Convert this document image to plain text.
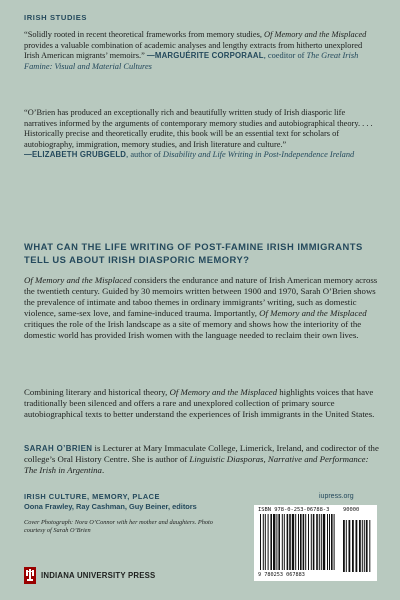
IRISH STUDIES

“Solidly rooted in recent theoretical frameworks from memory studies, Of Memory and the Misplaced provides a valuable combination of academic analyses and lengthy extracts from hitherto unexplored Irish American migrants’ memoirs.” —MARGUÉRITE CORPORAAL, coeditor of The Great Irish Famine: Visual and Material Cultures

“O’Brien has produced an exceptionally rich and beautifully written study of Irish diasporic life narratives informed by the arguments of contemporary memory studies and autobiographical theory. . . . Historically precise and theoretically erudite, this book will be an essential text for scholars of autobiography, immigration, memory studies, and Irish literature and culture.”
—ELIZABETH GRUBGELD, author of Disability and Life Writing in Post-Independence Ireland

WHAT CAN THE LIFE WRITING OF POST-FAMINE IRISH IMMIGRANTS TELL US ABOUT IRISH DIASPORIC MEMORY?

Of Memory and the Misplaced considers the endurance and nature of Irish American memory across the twentieth century. Guided by 30 memoirs written between 1900 and 1970, Sarah O’Brien shows the prevalence of intimate and taboo themes in ordinary immigrants’ writing, such as domestic violence, same-sex love, and famine-induced trauma. Importantly, Of Memory and the Misplaced critiques the role of the Irish landscape as a site of memory and shows how the interiority of the domestic world has provided Irish women with the language needed to reclaim their own lives.

Combining literary and historical theory, Of Memory and the Misplaced highlights voices that have traditionally been silenced and offers a rare and unexplored collection of primary source autobiographical texts to better understand the experiences of Irish immigrants in the United States.

SARAH O’BRIEN is Lecturer at Mary Immaculate College, Limerick, Ireland, and codirector of the college’s Oral History Centre. She is author of Linguistic Diasporas, Narrative and Performance: The Irish in Argentina.

IRISH CULTURE, MEMORY, PLACE
Oona Frawley, Ray Cashman, Guy Beiner, editors

Cover Photograph: Nora O’Connor with her mother and daughters. Photo courtesy of Sarah O’Brien

iupress.org
ISBN 978-0-253-06788-3	90000
9 780253 067883
INDIANA UNIVERSITY PRESS
